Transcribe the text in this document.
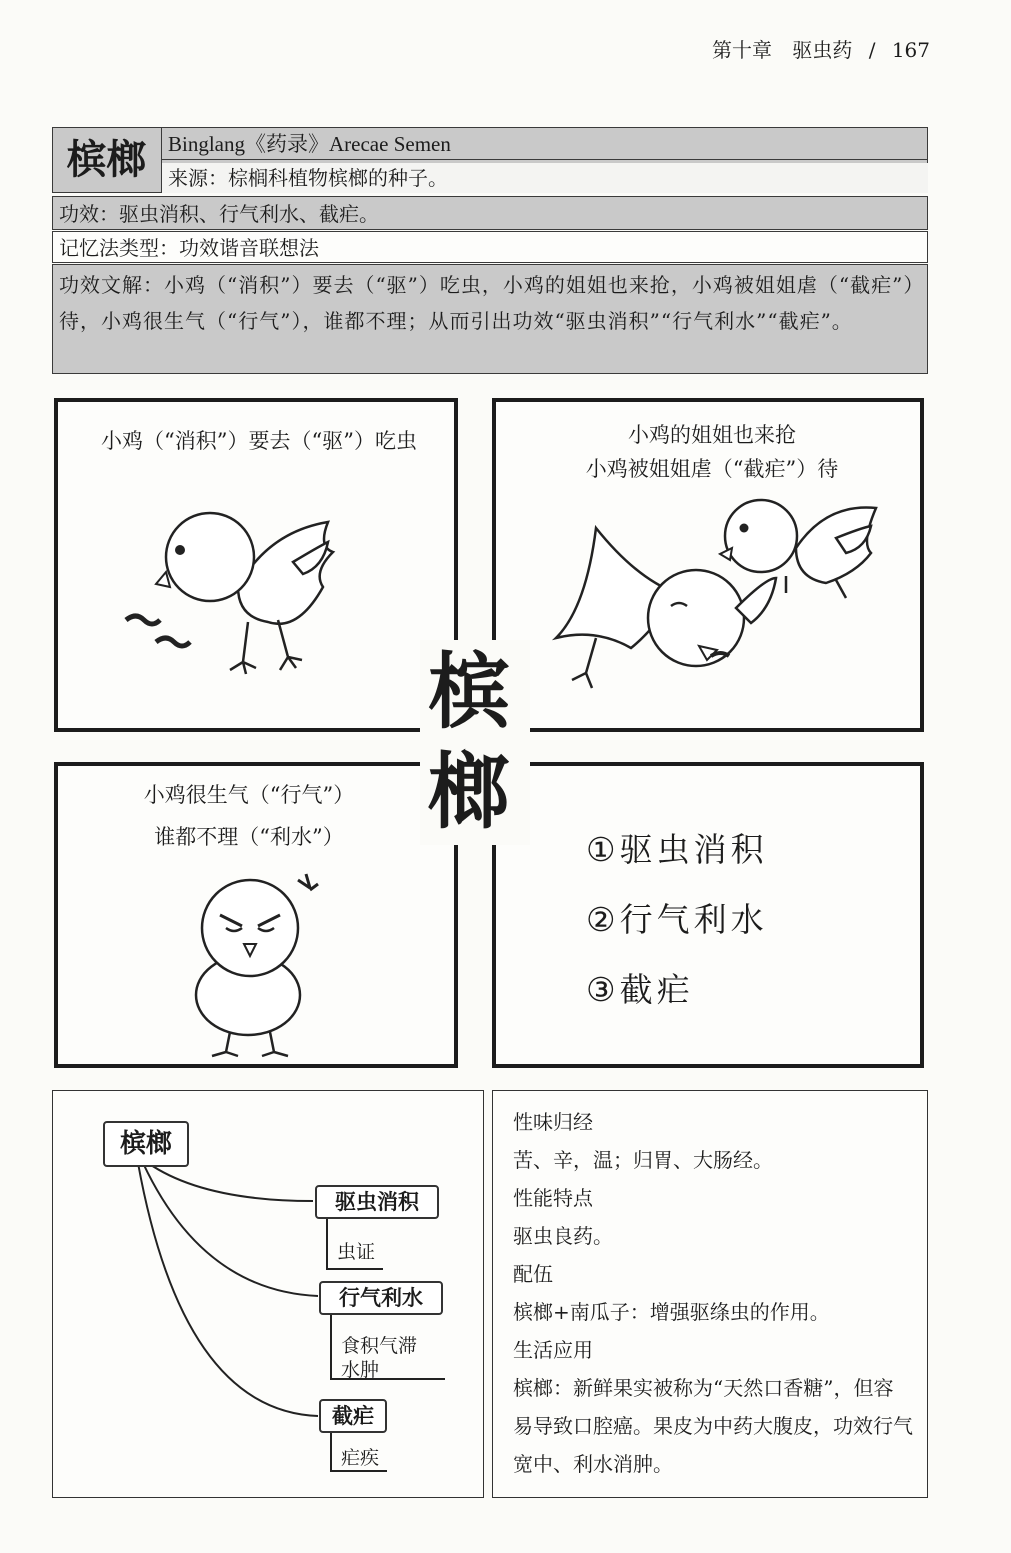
第十章 驱虫药 / 167
槟榔	Binglang《药录》Arecae Semen
来源：棕榈科植物槟榔的种子。
功效：驱虫消积、行气利水、截疟。
记忆法类型：功效谐音联想法
功效文解：小鸡（“消积”）要去（“驱”）吃虫，小鸡的姐姐也来抢，小鸡被姐姐虐（“截疟”）待，小鸡很生气（“行气”），谁都不理；从而引出功效“驱虫消积”“行气利水”“截疟”。
小鸡（“消积”）要去（“驱”）吃虫	小鸡的姐姐也来抢
小鸡被姐姐虐（“截疟”）待
小鸡很生气（“行气”）
谁都不理（“利水”）	①驱虫消积
②行气利水
③截疟
槟
榔
槟榔
驱虫消积
虫证
行气利水
食积气滞
水肿
截疟
疟疾
性味归经
苦、辛，温；归胃、大肠经。
性能特点
驱虫良药。
配伍
槟榔+南瓜子：增强驱绦虫的作用。
生活应用
槟榔：新鲜果实被称为“天然口香糖”，但容易导致口腔癌。果皮为中药大腹皮，功效行气宽中、利水消肿。
